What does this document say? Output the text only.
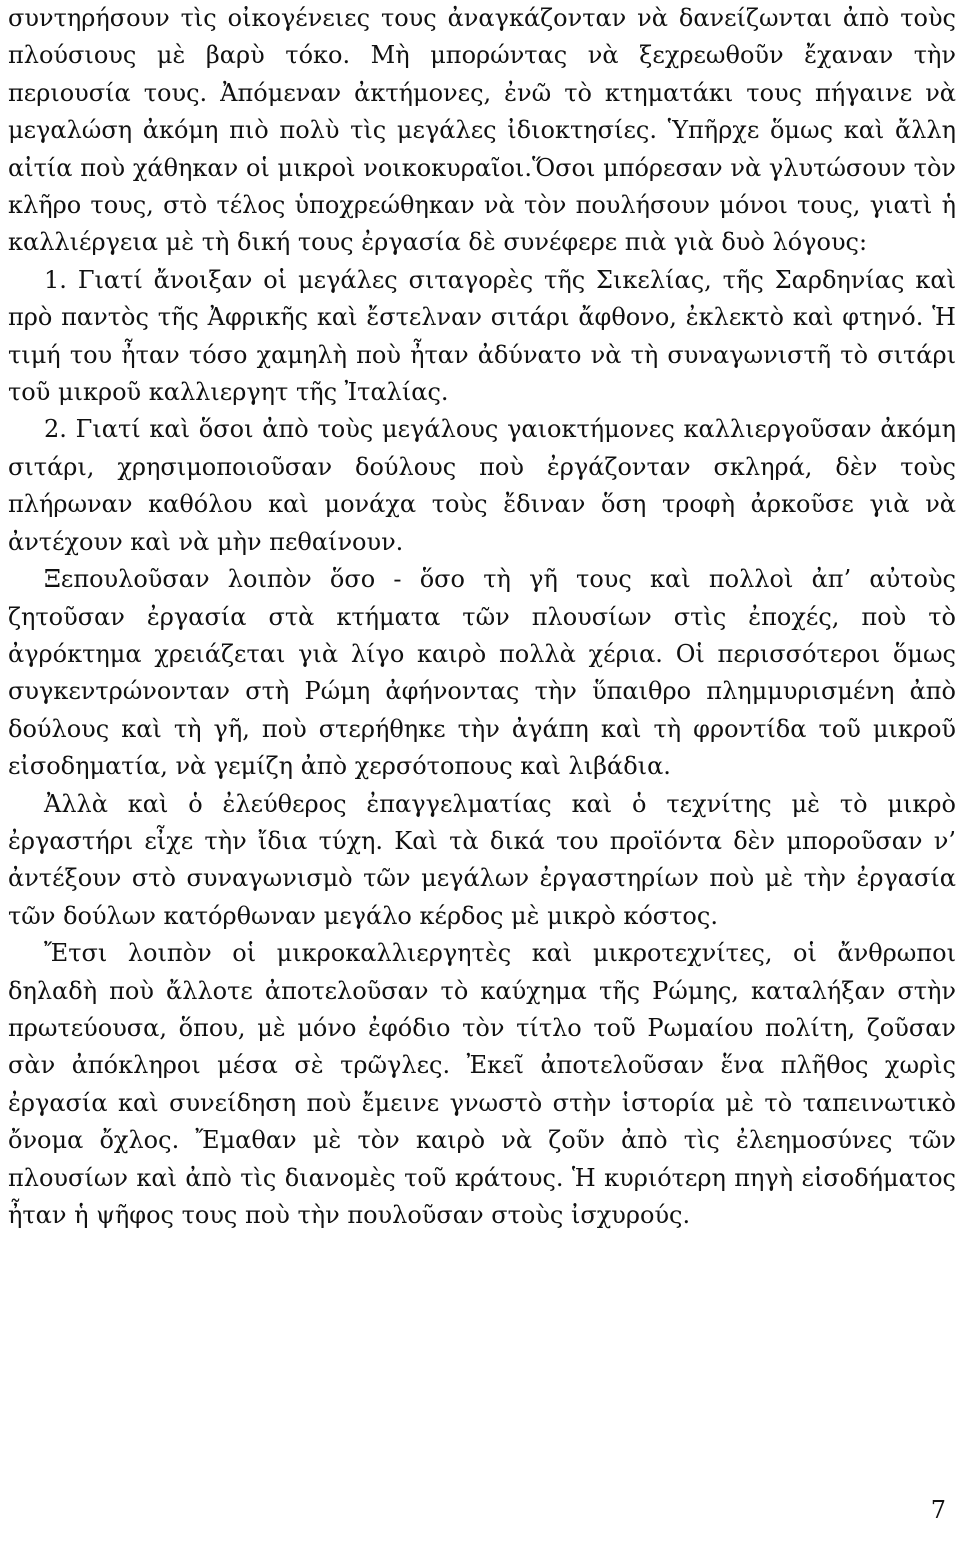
συντηρήσουν τὶς οἰκογένειες τους ἀναγκάζονταν νὰ δανείζωνται ἀπὸ τοὺς πλούσιους μὲ βαρὺ τόκο. Μὴ μπορώντας νὰ ξεχρεωθοῦν ἔχαναν τὴν περιουσία τους. Ἀπόμεναν ἀκτήμονες, ἐνῶ τὸ κτηματάκι τους πήγαινε νὰ μεγαλώση ἀκόμη πιὸ πολὺ τὶς μεγάλες ἰδιοκτησίες. Ὑπῆρχε ὅμως καὶ ἄλλη αἰτία ποὺ χάθηκαν οἱ μικροὶ νοικοκυραῖοι.Ὅσοι μπόρεσαν νὰ γλυτώσουν τὸν κλῆρο τους, στὸ τέλος ὑποχρεώθηκαν νὰ τὸν πουλήσουν μόνοι τους, γιατὶ ἡ καλλιέργεια μὲ τὴ δική τους ἐργασία δὲ συνέφερε πιὰ γιὰ δυὸ λόγους:

1. Γιατί ἄνοιξαν οἱ μεγάλες σιταγορὲς τῆς Σικελίας, τῆς Σαρδηνίας καὶ πρὸ παντὸς τῆς Ἀφρικῆς καὶ ἔστελναν σιτάρι ἄφθονο, ἐκλεκτὸ καὶ φτηνό. Ἡ τιμή του ἦταν τόσο χαμηλὴ ποὺ ἦταν ἀδύνατο νὰ τὴ συναγωνιστῆ τὸ σιτάρι τοῦ μικροῦ καλλιεργητ τῆς Ἰταλίας.

2. Γιατί καὶ ὅσοι ἀπὸ τοὺς μεγάλους γαιοκτήμονες καλλιεργοῦσαν ἀκόμη σιτάρι, χρησιμοποιοῦσαν δούλους ποὺ ἐργάζονταν σκληρά, δὲν τοὺς πλήρωναν καθόλου καὶ μονάχα τοὺς ἔδιναν ὅση τροφὴ ἀρκοῦσε γιὰ νὰ ἀντέχουν καὶ νὰ μὴν πεθαίνουν.

Ξεπουλοῦσαν λοιπὸν ὅσο - ὅσο τὴ γῆ τους καὶ πολλοὶ ἀπ’ αὐτοὺς ζητοῦσαν ἐργασία στὰ κτήματα τῶν πλουσίων στὶς ἐποχές, ποὺ τὸ ἀγρόκτημα χρειάζεται γιὰ λίγο καιρὸ πολλὰ χέρια. Οἱ περισσότεροι ὅμως συγκεντρώνονταν στὴ Ρώμη ἀφήνοντας τὴν ὕπαιθρο πλημμυρισμένη ἀπὸ δούλους καὶ τὴ γῆ, ποὺ στερήθηκε τὴν ἀγάπη καὶ τὴ φροντίδα τοῦ μικροῦ εἰσοδηματία, νὰ γεμίζη ἀπὸ χερσότοπους καὶ λιβάδια.

Ἀλλὰ καὶ ὁ ἐλεύθερος ἐπαγγελματίας καὶ ὁ τεχνίτης μὲ τὸ μικρὸ ἐργαστήρι εἶχε τὴν ἴδια τύχη. Καὶ τὰ δικά του προϊόντα δὲν μποροῦσαν ν’ ἀντέξουν στὸ συναγωνισμὸ τῶν μεγάλων ἐργαστηρίων ποὺ μὲ τὴν ἐργασία τῶν δούλων κατόρθωναν μεγάλο κέρδος μὲ μικρὸ κόστος.

Ἔτσι λοιπὸν οἱ μικροκαλλιεργητὲς καὶ μικροτεχνίτες, οἱ ἄνθρωποι δηλαδὴ ποὺ ἄλλοτε ἀποτελοῦσαν τὸ καύχημα τῆς Ρώμης, καταλήξαν στὴν πρωτεύουσα, ὅπου, μὲ μόνο ἐφόδιο τὸν τίτλο τοῦ Ρωμαίου πολίτη, ζοῦσαν σὰν ἀπόκληροι μέσα σὲ τρῶγλες. Ἐκεῖ ἀποτελοῦσαν ἕνα πλῆθος χωρὶς ἐργασία καὶ συνείδηση ποὺ ἔμεινε γνωστὸ στὴν ἱστορία μὲ τὸ ταπεινωτικὸ ὄνομα ὄχλος. Ἔμαθαν μὲ τὸν καιρὸ νὰ ζοῦν ἀπὸ τὶς ἐλεημοσύνες τῶν πλουσίων καὶ ἀπὸ τὶς διανομὲς τοῦ κράτους. Ἡ κυριότερη πηγὴ εἰσοδήματος ἦταν ἡ ψῆφος τους ποὺ τὴν πουλοῦσαν στοὺς ἰσχυρούς.

7
